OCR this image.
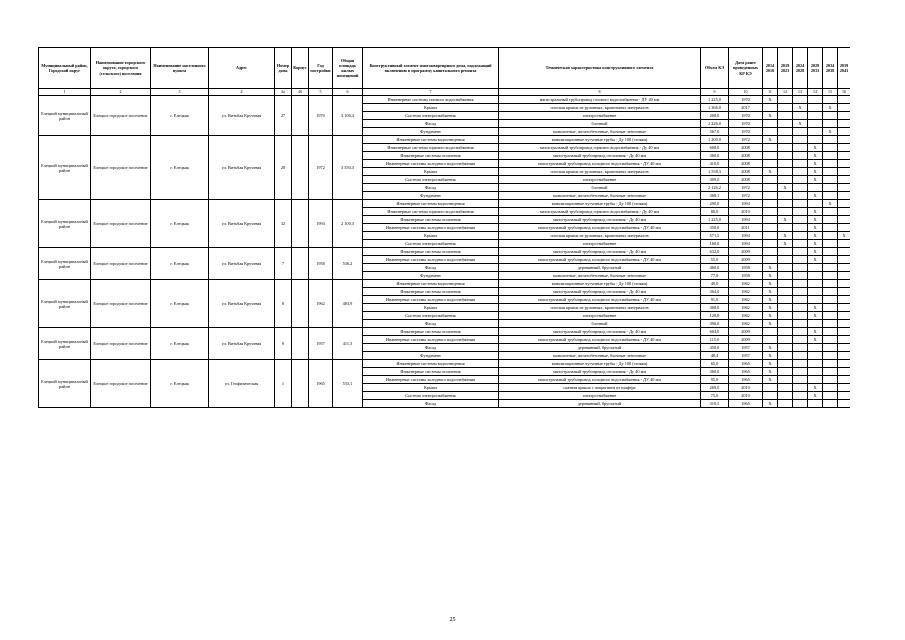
Муниципальный район, Городской округ	Наименование городского округа, городского (сельского) поселения	Наименование населенного пункта	Адрес	Номер дома	Корпус	Год постройки	Общая площадь жилых помещений	Конструктивный элемент многоквартирного дома, подлежащий включению в программу капитального ремонта	Техническая характеристика конструктивного элемента	Объем КЭ	Дата ранее проведенных КР КЭ	2014 2016	2019 2023	2024 2028	2029 2033	2034 2038	2039 2043
1	2	3	4	4a	4б	5	6	7	8	9	10	11	12	13	14	15	16
Елецкий муниципальный район	Елецкое городское поселение	г. Елецкая	ул. Витьбая Кручевая	27		1970	3 106,4	Инженерные системы газового водоснабжения	магистральный трубопровод газового водоснабжения - ДУ 40 мм	1 225,0	1970	X					
								Крыша	плоская крыша из рулонных, кровельных материалов	1 366,0	2017			X		X	
								Система электроснабжения	электроснабжение	200,0	1970	X					
								Фасад	блочный	2 226,0	1970			X			
								Фундамент	монолитные, железобетонные, блочные ленточные	567,0	1970					X	
Елецкий муниципальный район	Елецкое городское поселение	г. Елецкая	ул. Витьбая Кручевая	28		1972	3 350,3	Инженерные системы водоотведения	канализационные чугунные трубы - Ду 100 (стояки)	1 200,0	1972	X					
								Инженерные системы горячего водоснабжения	магистральный трубопровод горячего водоснабжения - Ду 40 мм	600,0	2008				X		
								Инженерные системы отопления	магистральный трубопровод отопления - Ду 40 мм	360,0	2008				X		
								Инженерные системы холодного водоснабжения	магистральный трубопровод холодного водоснабжения - ДУ 40 мм	410,0	2008				X		
								Крыша	плоская крыша из рулонных, кровельных материалов	1 558,3	2008	X			X		
								Система электроснабжения	электроснабжение	309,0	2008				X		
								Фасад	блочный	2 126,2	1972		X				
								Фундамент	монолитные, железобетонные, блочные ленточные	368,1	1972				X		
Елецкий муниципальный район	Елецкое городское поселение	г. Елецкая	ул. Витьбая Кручевая	32		1994	2 100,3	Инженерные системы водоотведения	канализационные чугунные трубы - Ду 100 (стояки)	290,0	1994					X	
								Инженерные системы горячего водоснабжения	магистральный трубопровод горячего водоснабжения - Ду 40 мм	80,0	2010				X		
								Инженерные системы отопления	магистральный трубопровод отопления - Ду 40 мм	1 225,0	1994		X		X		
								Инженерные системы холодного водоснабжения	магистральный трубопровод холодного водоснабжения - ДУ 40 мм	350,0	2011				X		
								Крыша	плоская крыша из рулонных, кровельных материалов	571,5	1994		X		X		X
								Система электроснабжения	электроснабжение	160,0	1994		X		X		
Елецкий муниципальный район	Елецкое городское поселение	г. Елецкая	ул. Витьбая Кручевая	7		1958	536,2	Инженерные системы отопления	магистральный трубопровод отопления - Ду 40 мм	632,0	2009				X		
								Инженерные системы холодного водоснабжения	магистральный трубопровод холодного водоснабжения - ДУ 40 мм	55,0	2009				X		
								Фасад	деревянный, брусчатый	460,0	1958	X					
								Фундамент	монолитные, железобетонные, блочные ленточные	77,0	1958	X					
Елецкий муниципальный район	Елецкое городское поселение	г. Елецкая	ул. Витьбая Кручевая	8		1962	483,9	Инженерные системы водоотведения	канализационные чугунные трубы - Ду 100 (стояки)	49,0	1962	X					
								Инженерные системы отопления	магистральный трубопровод отопления - Ду 40 мм	364,0	1962	X					
								Инженерные системы холодного водоснабжения	магистральный трубопровод холодного водоснабжения - ДУ 40 мм	91,0	1962	X					
								Крыша	плоская крыша из рулонных, кровельных материалов	300,0	1962	X			X		
								Система электроснабжения	электроснабжение	120,0	1962	X			X		
								Фасад	блочный	396,0	1962	X					
Елецкий муниципальный район	Елецкое городское поселение	г. Елецкая	ул. Витьбая Кручевая	9		1957	411,3	Инженерные системы отопления	магистральный трубопровод отопления - Ду 40 мм	604,0	2009				X		
								Инженерные системы холодного водоснабжения	магистральный трубопровод холодного водоснабжения - ДУ 40 мм	115,0	2009				X		
								Фасад	деревянный, брусчатый	450,0	1957	X					
								Фундамент	монолитные, железобетонные, блочные ленточные	48,4	1957	X					
Елецкий муниципальный район	Елецкое городское поселение	г. Елецкая	ул. Геофизическая	1		1965	533,1	Инженерные системы водоотведения	канализационные чугунные трубы - Ду 100 (стояки)	65,0	1965	X					
								Инженерные системы отопления	магистральный трубопровод отопления - Ду 40 мм	360,0	1965	X					
								Инженерные системы холодного водоснабжения	магистральный трубопровод холодного водоснабжения - ДУ 40 мм	95,0	1965	X					
								Крыша	скатная крыша с покрытием из шифера	269,0	2010				X		
								Система электроснабжения	электроснабжение	75,0	2010				X		
								Фасад	деревянный, брусчатый	318,5	1965	X					
25
